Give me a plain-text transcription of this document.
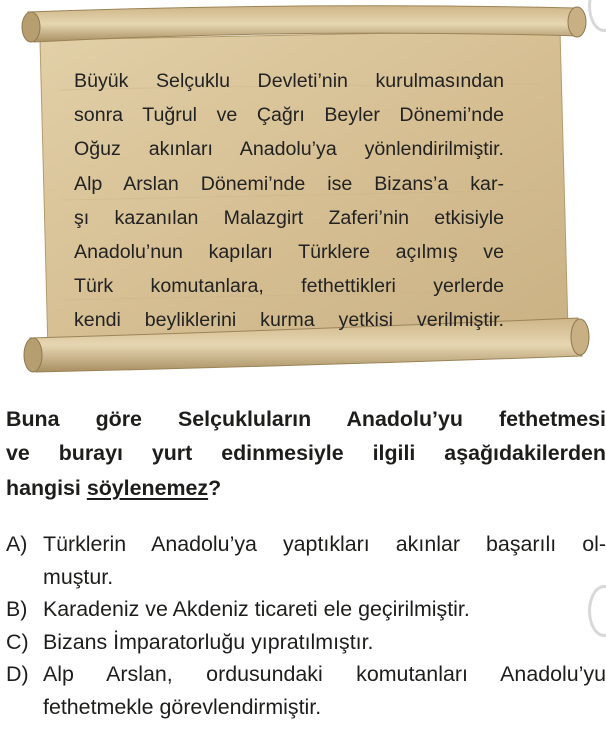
Büyük Selçuklu Devleti’nin kurulmasından
sonra Tuğrul ve Çağrı Beyler Dönemi’nde
Oğuz akınları Anadolu’ya yönlendirilmiştir.
Alp Arslan Dönemi’nde ise Bizans’a kar-
şı kazanılan Malazgirt Zaferi’nin etkisiyle
Anadolu’nun kapıları Türklere açılmış ve
Türk komutanlara, fethettikleri yerlerde
kendi beyliklerini kurma yetkisi verilmiştir.
Buna göre Selçukluların Anadolu’yu fethetmesi
ve burayı yurt edinmesiyle ilgili aşağıdakilerden
hangisi söylenemez?
A) Türklerin Anadolu’ya yaptıkları akınlar başarılı ol-
muştur.
B) Karadeniz ve Akdeniz ticareti ele geçirilmiştir.
C) Bizans İmparatorluğu yıpratılmıştır.
D) Alp Arslan, ordusundaki komutanları Anadolu’yu
fethetmekle görevlendirmiştir.
